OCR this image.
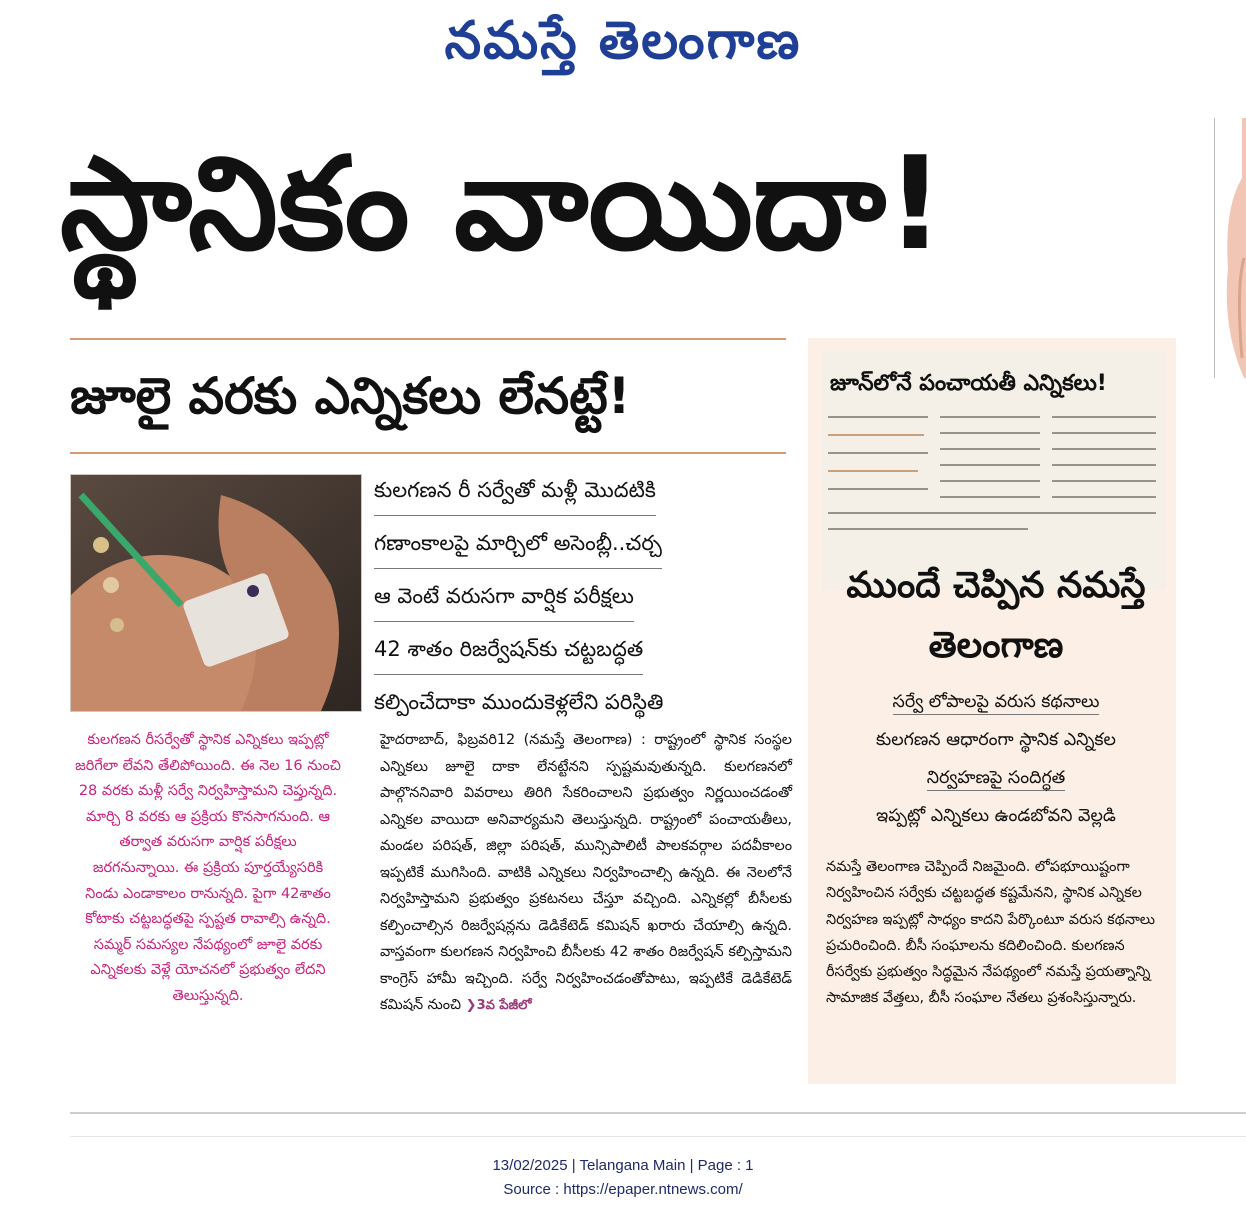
నమస్తే తెలంగాణ
స్థానికం వాయిదా!
జూలై వరకు ఎన్నికలు లేనట్టే!
కులగణన రీసర్వేతో స్థానిక ఎన్నికలు ఇప్పట్లో జరిగేలా లేవని తేలిపోయింది. ఈ నెల 16 నుంచి 28 వరకు మళ్లీ సర్వే నిర్వహిస్తామని చెప్తున్నది. మార్చి 8 వరకు ఆ ప్రక్రియ కొనసాగనుంది. ఆ తర్వాత వరుసగా వార్షిక పరీక్షలు జరగనున్నాయి. ఈ ప్రక్రియ పూర్తయ్యేసరికి నిండు ఎండాకాలం రానున్నది. పైగా 42శాతం కోటాకు చట్టబద్ధతపై స్పష్టత రావాల్సి ఉన్నది. సమ్మర్ సమస్యల నేపథ్యంలో జూలై వరకు ఎన్నికలకు వెళ్లే యోచనలో ప్రభుత్వం లేదని తెలుస్తున్నది.
కులగణన రీ సర్వేతో మళ్లీ మొదటికి
గణాంకాలపై మార్చిలో అసెంబ్లీ..చర్చ
ఆ వెంటే వరుసగా వార్షిక పరీక్షలు
42 శాతం రిజర్వేషన్‌కు చట్టబద్ధత
కల్పించేదాకా ముందుకెళ్లలేని పరిస్థితి
హైదరాబాద్, ఫిబ్రవరి12 (నమస్తే తెలంగాణ) : రాష్ట్రంలో స్థానిక సంస్థల ఎన్నికలు జూలై దాకా లేనట్టేనని స్పష్టమవుతున్నది. కులగణనలో పాల్గొననివారి వివరాలు తిరిగి సేకరించాలని ప్రభుత్వం నిర్ణయించడంతో ఎన్నికల వాయిదా అనివార్యమని తెలుస్తున్నది. రాష్ట్రంలో పంచాయతీలు, మండల పరిషత్, జిల్లా పరిషత్, మున్సిపాలిటీ పాలకవర్గాల పదవీకాలం ఇప్పటికే ముగిసింది. వాటికి ఎన్నికలు నిర్వహించాల్సి ఉన్నది. ఈ నెలలోనే నిర్వహిస్తామని ప్రభుత్వం ప్రకటనలు చేస్తూ వచ్చింది. ఎన్నికల్లో బీసీలకు కల్పించాల్సిన రిజర్వేషన్లను డెడికేటెడ్ కమిషన్ ఖరారు చేయాల్సి ఉన్నది. వాస్తవంగా కులగణన నిర్వహించి బీసీలకు 42 శాతం రిజర్వేషన్ కల్పిస్తామని కాంగ్రెస్ హామీ ఇచ్చింది. సర్వే నిర్వహించడంతోపాటు, ఇప్పటికే డెడికేటెడ్ కమిషన్ నుంచి ❯3వ పేజీలో
జూన్‌లోనే పంచాయతీ ఎన్నికలు!
ముందే చెప్పిన నమస్తే తెలంగాణ
సర్వే లోపాలపై వరుస కథనాలు
కులగణన ఆధారంగా స్థానిక ఎన్నికల
నిర్వహణపై సందిగ్ధత
ఇప్పట్లో ఎన్నికలు ఉండబోవని వెల్లడి
నమస్తే తెలంగాణ చెప్పిందే నిజమైంది. లోపభూయిష్టంగా నిర్వహించిన సర్వేకు చట్టబద్ధత కష్టమేనని, స్థానిక ఎన్నికల నిర్వహణ ఇప్పట్లో సాధ్యం కాదని పేర్కొంటూ వరుస కథనాలు ప్రచురించింది. బీసీ సంఘాలను కదిలించింది. కులగణన రీసర్వేకు ప్రభుత్వం సిద్ధమైన నేపథ్యంలో నమస్తే ప్రయత్నాన్ని సామాజిక వేత్తలు, బీసీ సంఘాల నేతలు ప్రశంసిస్తున్నారు.
13/02/2025 | Telangana Main | Page : 1
Source : https://epaper.ntnews.com/
